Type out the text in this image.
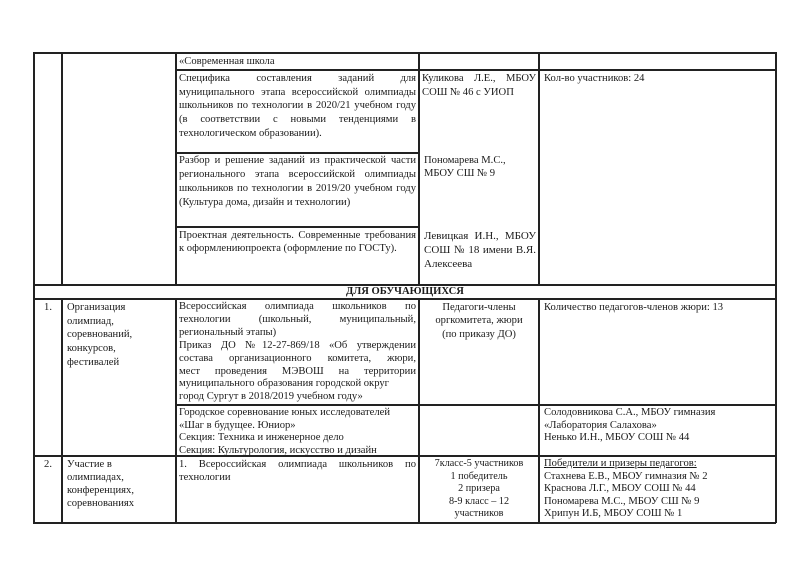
«Современная школа
Специфика составления заданий для муниципального этапа всероссийской олимпиады школьников по технологии в 2020/21 учебном году (в соответствии с новыми тенденциями в технологическом образовании).
Куликова Л.Е., МБОУ СОШ № 46 с УИОП
Кол-во участников: 24
Разбор и решение заданий из практической части регионального этапа всероссийской олимпиады школьников по технологии в 2019/20 учебном году (Культура дома, дизайн и технологии)
Пономарева М.С., МБОУ СШ № 9
Проектная деятельность. Современные требования к оформлениюпроекта (оформление по ГОСТу).
Левицкая И.Н., МБОУ СОШ № 18 имени В.Я. Алексеева
ДЛЯ ОБУЧАЮЩИХСЯ
1.	Организация
олимпиад,
соревнований,
конкурсов,
фестивалей
Всероссийская олимпиада школьников по
технологии (школьный, муниципальный,
региональный этапы)
Приказ ДО №12-27-869/18 «Об утверждении
состава организационного комитета, жюри,
мест проведения МЭВОШ на территории
муниципального образования городской округ
город Сургут в 2018/2019 учебном году»
Педагоги-члены
оргкомитета, жюри
(по приказу ДО)
Количество педагогов-членов жюри: 13
Городское соревнование юных исследователей
«Шаг в будущее. Юниор»
Секция: Техника и инженерное дело
Секция: Культурология, искусство и дизайн
Солодовникова С.А., МБОУ гимназия
«Лаборатория Салахова»
Ненько И.Н., МБОУ СОШ № 44
2.	Участие в
олимпиадах,
конференциях,
соревнованиях
1. Всероссийская олимпиада школьников по
технологии
7класс-5 участников
1 победитель
2 призера
8-9 класс – 12
участников
Победители и призеры педагогов:
Стахнева Е.В., МБОУ гимназия № 2
Краснова Л.Г., МБОУ СОШ № 44
Пономарева М.С., МБОУ СШ № 9
Хрипун И.Б, МБОУ СОШ № 1
